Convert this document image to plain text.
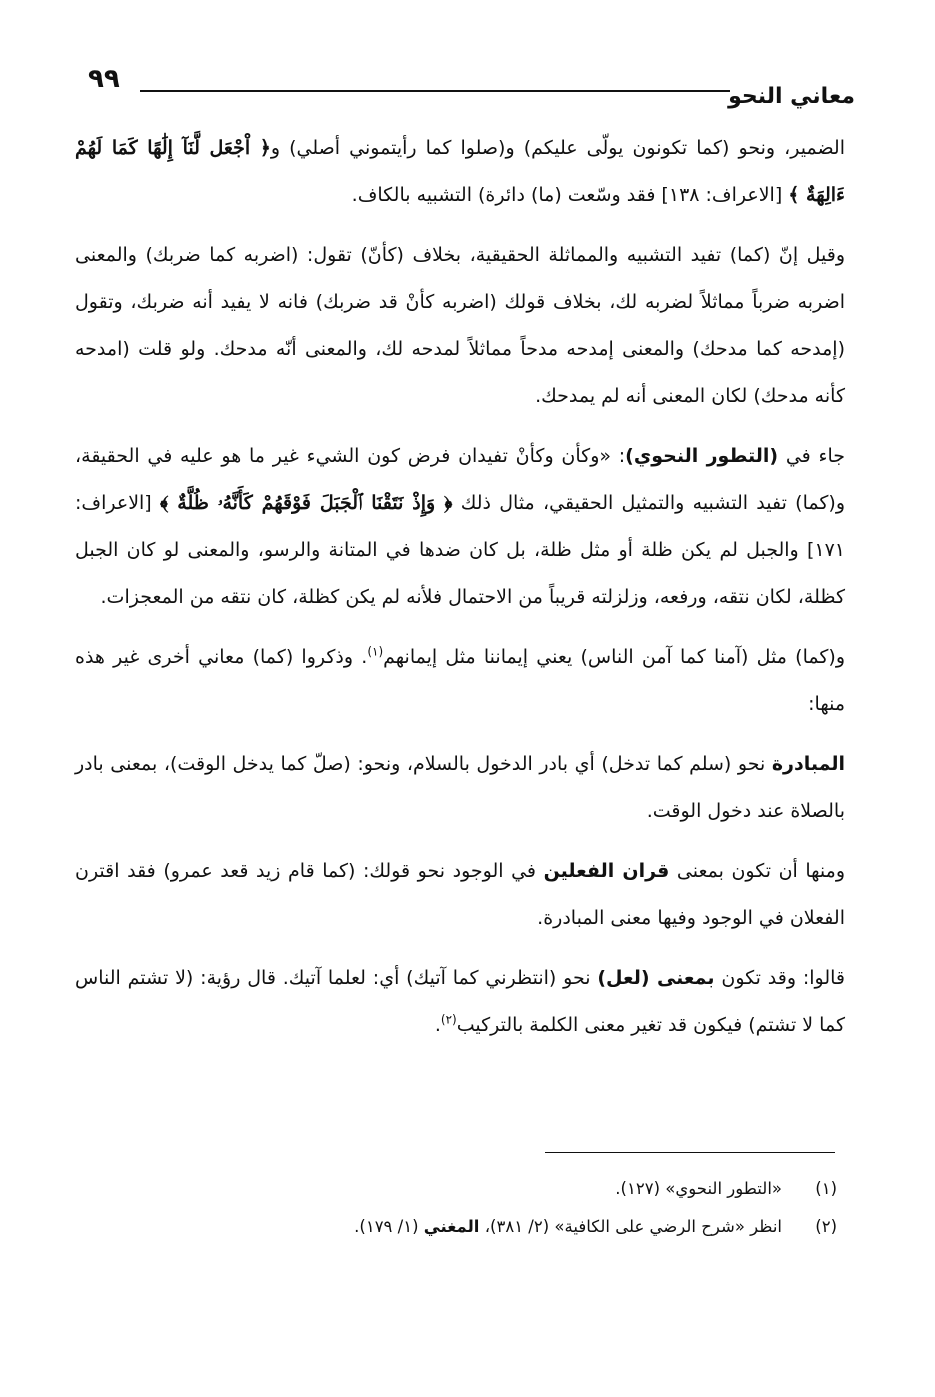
٩٩
معاني النحو

الضمير، ونحو (كما تكونون يولّى عليكم) و(صلوا كما رأيتموني أصلي) و﴿ اْجْعَل لَّنَآ إِلَٰهًا كَمَا لَهُمْ ءَالِهَةٌ ﴾ [الاعراف: ١٣٨] فقد وسّعت (ما) دائرة) التشبيه بالكاف.

وقيل إنّ (كما) تفيد التشبيه والمماثلة الحقيقية، بخلاف (كأنّ) تقول: (اضربه كما ضربك) والمعنى اضربه ضرباً مماثلاً لضربه لك، بخلاف قولك (اضربه كأنْ قد ضربك) فانه لا يفيد أنه ضربك، وتقول (إمدحه كما مدحك) والمعنى إمدحه مدحاً مماثلاً لمدحه لك، والمعنى أنّه مدحك. ولو قلت (امدحه كأنه مدحك) لكان المعنى أنه لم يمدحك.

جاء في (التطور النحوي): «وكأن وكأنْ تفيدان فرض كون الشيء غير ما هو عليه في الحقيقة، و(كما) تفيد التشبيه والتمثيل الحقيقي، مثال ذلك ﴿ وَإِذْ نَتَقْنَا ٱلْجَبَلَ فَوْقَهُمْ كَأَنَّهُۥ ظُلَّةٌ ﴾ [الاعراف: ١٧١] والجبل لم يكن ظلة أو مثل ظلة، بل كان ضدها في المتانة والرسو، والمعنى لو كان الجبل كظلة، لكان نتقه، ورفعه، وزلزلته قريباً من الاحتمال فلأنه لم يكن كظلة، كان نتقه من المعجزات.

و(كما) مثل (آمنا كما آمن الناس) يعني إيماننا مثل إيمانهم$^{(١)}$. وذكروا (كما) معاني أخرى غير هذه منها:

المبادرة نحو (سلم كما تدخل) أي بادر الدخول بالسلام، ونحو: (صلّ كما يدخل الوقت)، بمعنى بادر بالصلاة عند دخول الوقت.

ومنها أن تكون بمعنى قران الفعلين في الوجود نحو قولك: (كما قام زيد قعد عمرو) فقد اقترن الفعلان في الوجود وفيها معنى المبادرة.

قالوا: وقد تكون بمعنى (لعل) نحو (انتظرني كما آتيك) أي: لعلما آتيك. قال رؤية: (لا تشتم الناس كما لا تشتم) فيكون قد تغير معنى الكلمة بالتركيب$^{(٢)}$.

(١)
«التطور النحوي» (١٢٧).
(٢)
انظر «شرح الرضي على الكافية» (٢/ ٣٨١)، المغني (١/ ١٧٩).
